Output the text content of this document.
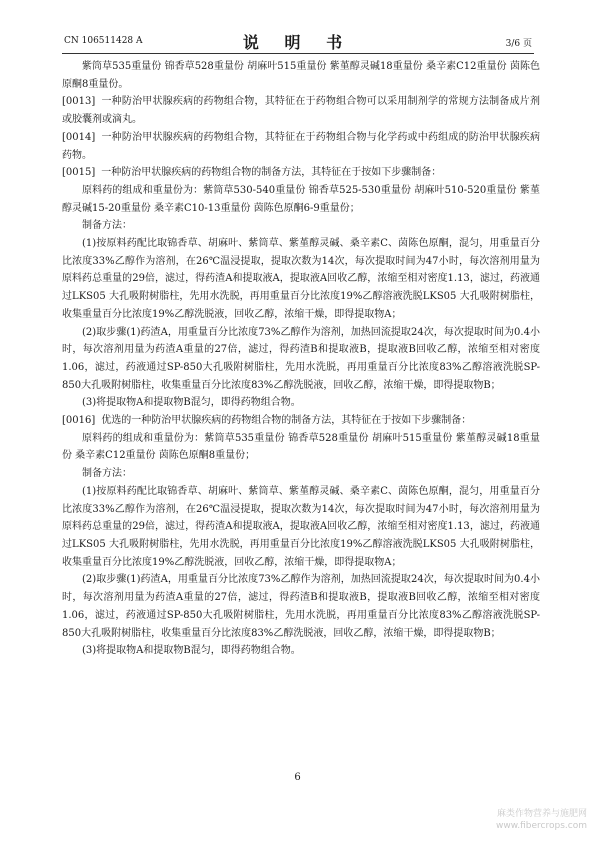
CN 106511428 A	说 明 书	3/6 页

紫筒草535重量份 锦香草528重量份 胡麻叶515重量份 紫堇醇灵碱18重量份 桑辛素C12重量份 茵陈色原酮8重量份。

[0013] 一种防治甲状腺疾病的药物组合物，其特征在于药物组合物可以采用制剂学的常规方法制备成片剂或胶囊剂或滴丸。

[0014] 一种防治甲状腺疾病的药物组合物，其特征在于药物组合物与化学药或中药组成的防治甲状腺疾病药物。

[0015] 一种防治甲状腺疾病的药物组合物的制备方法，其特征在于按如下步骤制备：

原料药的组成和重量份为：紫筒草530-540重量份 锦香草525-530重量份 胡麻叶510-520重量份 紫堇醇灵碱15-20重量份 桑辛素C10-13重量份 茵陈色原酮6-9重量份；

制备方法：

(1)按原料药配比取锦香草、胡麻叶、紫筒草、紫堇醇灵碱、桑辛素C、茵陈色原酮，混匀，用重量百分比浓度33%乙醇作为溶剂，在26℃温浸提取，提取次数为14次，每次提取时间为47小时，每次溶剂用量为原料药总重量的29倍，滤过，得药渣A和提取液A，提取液A回收乙醇，浓缩至相对密度1.13，滤过，药液通过LKS05 大孔吸附树脂柱，先用水洗脱，再用重量百分比浓度19%乙醇溶液洗脱LKS05 大孔吸附树脂柱，收集重量百分比浓度19%乙醇洗脱液，回收乙醇，浓缩干燥，即得提取物A；

(2)取步骤(1)药渣A，用重量百分比浓度73%乙醇作为溶剂，加热回流提取24次，每次提取时间为0.4小时，每次溶剂用量为药渣A重量的27倍，滤过，得药渣B和提取液B，提取液B回收乙醇，浓缩至相对密度1.06，滤过，药液通过SP-850大孔吸附树脂柱，先用水洗脱，再用重量百分比浓度83%乙醇溶液洗脱SP-850大孔吸附树脂柱，收集重量百分比浓度83%乙醇洗脱液，回收乙醇，浓缩干燥，即得提取物B；

(3)将提取物A和提取物B混匀，即得药物组合物。

[0016] 优选的一种防治甲状腺疾病的药物组合物的制备方法，其特征在于按如下步骤制备：

原料药的组成和重量份为：紫筒草535重量份 锦香草528重量份 胡麻叶515重量份 紫堇醇灵碱18重量份 桑辛素C12重量份 茵陈色原酮8重量份；

制备方法：

(1)按原料药配比取锦香草、胡麻叶、紫筒草、紫堇醇灵碱、桑辛素C、茵陈色原酮，混匀，用重量百分比浓度33%乙醇作为溶剂，在26℃温浸提取，提取次数为14次，每次提取时间为47小时，每次溶剂用量为原料药总重量的29倍，滤过，得药渣A和提取液A，提取液A回收乙醇，浓缩至相对密度1.13，滤过，药液通过LKS05 大孔吸附树脂柱，先用水洗脱，再用重量百分比浓度19%乙醇溶液洗脱LKS05 大孔吸附树脂柱，收集重量百分比浓度19%乙醇洗脱液，回收乙醇，浓缩干燥，即得提取物A；

(2)取步骤(1)药渣A，用重量百分比浓度73%乙醇作为溶剂，加热回流提取24次，每次提取时间为0.4小时，每次溶剂用量为药渣A重量的27倍，滤过，得药渣B和提取液B，提取液B回收乙醇，浓缩至相对密度1.06，滤过，药液通过SP-850大孔吸附树脂柱，先用水洗脱，再用重量百分比浓度83%乙醇溶液洗脱SP-850大孔吸附树脂柱，收集重量百分比浓度83%乙醇洗脱液，回收乙醇，浓缩干燥，即得提取物B；

(3)将提取物A和提取物B混匀，即得药物组合物。

6
麻类作物营养与施肥网
www.fibercrops.com
